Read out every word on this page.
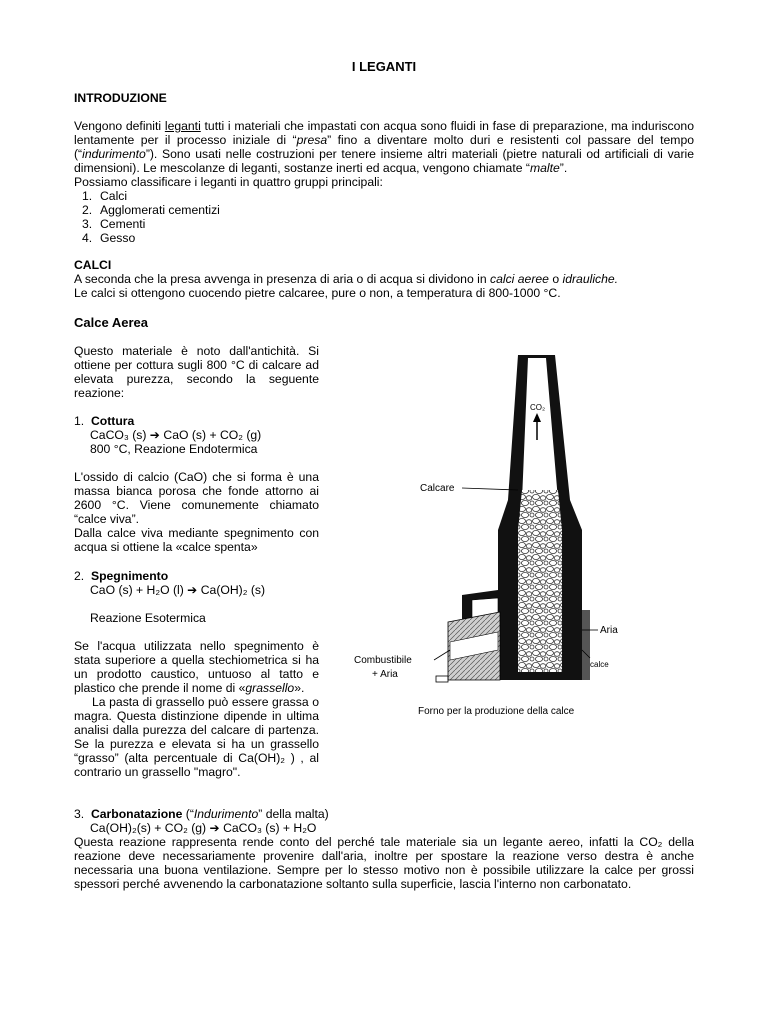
I LEGANTI
INTRODUZIONE
Vengono definiti leganti tutti i materiali che impastati con acqua sono fluidi in fase di preparazione, ma induriscono lentamente per il processo iniziale di “presa” fino a diventare molto duri e resistenti col passare del tempo (“indurimento”). Sono usati nelle costruzioni per tenere insieme altri materiali (pietre naturali od artificiali di varie dimensioni). Le mescolanze di leganti, sostanze inerti ed acqua, vengono chiamate “malte”.
Possiamo classificare i leganti in quattro gruppi principali:
1. Calci
2. Agglomerati cementizi
3. Cementi
4. Gesso
CALCI
A seconda che la presa avvenga in presenza di aria o di acqua si dividono in calci aeree o idrauliche.
Le calci si ottengono cuocendo pietre calcaree, pure o non, a temperatura di 800-1000 °C.
Calce Aerea
Questo materiale è noto dall'antichità. Si ottiene per cottura sugli 800 °C di calcare ad elevata purezza, secondo la seguente reazione:
1. Cottura
CaCO₃ (s) ➔ CaO (s) + CO₂ (g)
800 °C, Reazione Endotermica
L'ossido di calcio (CaO) che si forma è una massa bianca porosa che fonde attorno ai 2600 °C. Viene comunemente chiamato “calce viva”.
Dalla calce viva mediante spegnimento con acqua si ottiene la «calce spenta»
2. Spegnimento
CaO (s) + H₂O (l) ➔ Ca(OH)₂ (s)
Reazione Esotermica
Se l'acqua utilizzata nello spegnimento è stata superiore a quella stechiometrica si ha un prodotto caustico, untuoso al tatto e plastico che prende il nome di «grassello».
La pasta di grassello può essere grassa o magra. Questa distinzione dipende in ultima analisi dalla purezza del calcare di partenza. Se la purezza e elevata si ha un grassello “grasso” (alta percentuale di Ca(OH)₂ ) , al contrario un grassello "magro".
3. Carbonatazione (“Indurimento” della malta)
Ca(OH)₂(s) + CO₂ (g) ➔ CaCO₃ (s) + H₂O
Questa reazione rappresenta rende conto del perché tale materiale sia un legante aereo, infatti la CO₂ della reazione deve necessariamente provenire dall'aria, inoltre per spostare la reazione verso destra è anche necessaria una buona ventilazione. Sempre per lo stesso motivo non è possibile utilizzare la calce per grossi spessori perché avvenendo la carbonatazione soltanto sulla superficie, lascia l'interno non carbonatato.
CO₂
Calcare
Aria
calce
Combustibile
+ Aria
Forno per la produzione della calce
